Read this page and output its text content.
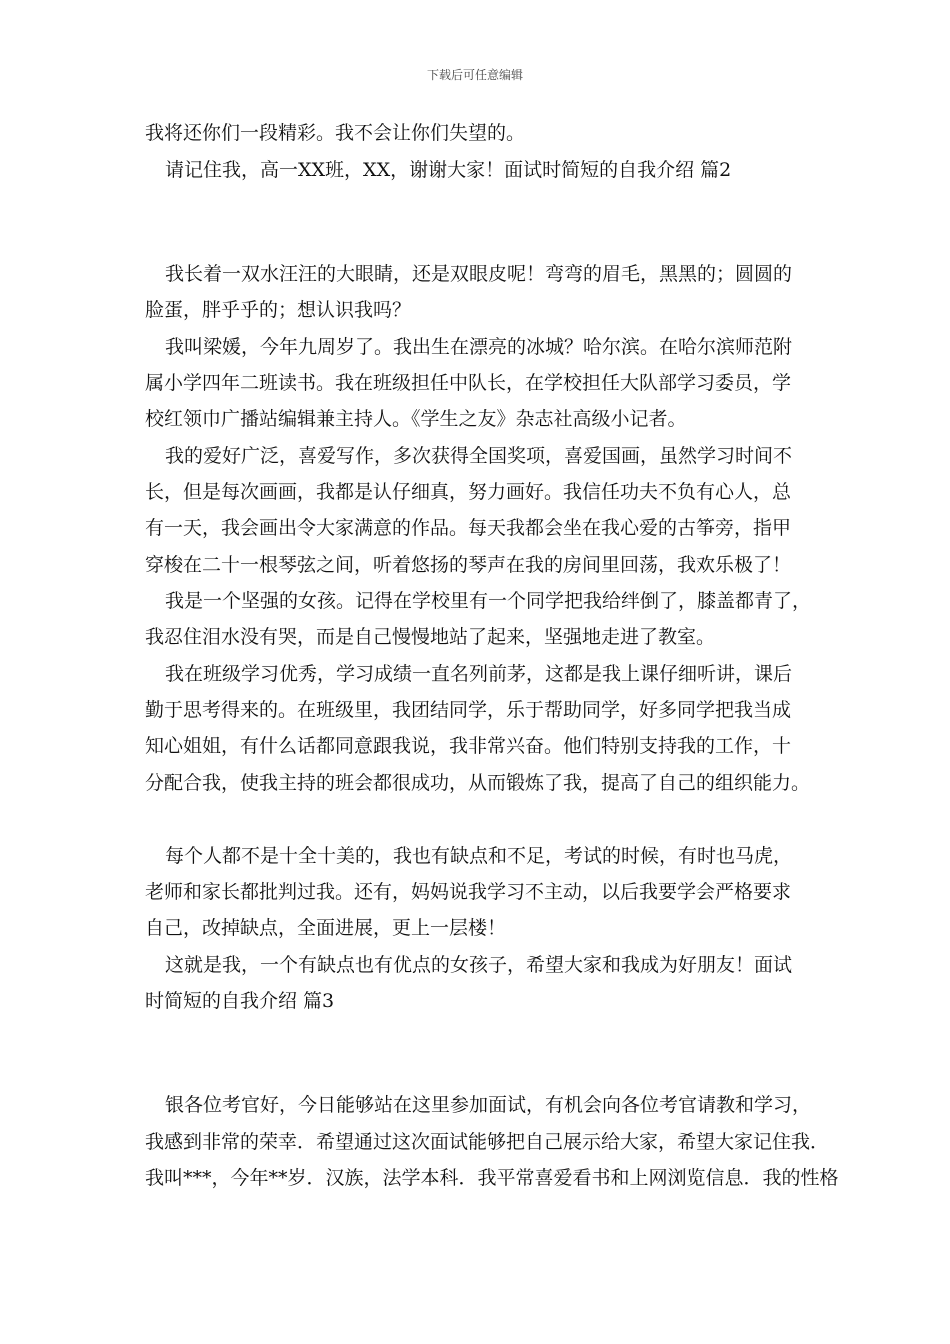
下载后可任意编辑
我将还你们一段精彩。我不会让你们失望的。
请记住我，高一XX班，XX，谢谢大家！面试时简短的自我介绍 篇2
我长着一双水汪汪的大眼睛，还是双眼皮呢！弯弯的眉毛，黑黑的；圆圆的
脸蛋，胖乎乎的；想认识我吗？
我叫梁媛，今年九周岁了。我出生在漂亮的冰城？哈尔滨。在哈尔滨师范附
属小学四年二班读书。我在班级担任中队长，在学校担任大队部学习委员，学
校红领巾广播站编辑兼主持人。《学生之友》杂志社高级小记者。
我的爱好广泛，喜爱写作，多次获得全国奖项，喜爱国画，虽然学习时间不
长，但是每次画画，我都是认仔细真，努力画好。我信任功夫不负有心人，总
有一天，我会画出令大家满意的作品。每天我都会坐在我心爱的古筝旁，指甲
穿梭在二十一根琴弦之间，听着悠扬的琴声在我的房间里回荡，我欢乐极了！
我是一个坚强的女孩。记得在学校里有一个同学把我给绊倒了，膝盖都青了，
我忍住泪水没有哭，而是自己慢慢地站了起来，坚强地走进了教室。
我在班级学习优秀，学习成绩一直名列前茅，这都是我上课仔细听讲，课后
勤于思考得来的。在班级里，我团结同学，乐于帮助同学，好多同学把我当成
知心姐姐，有什么话都同意跟我说，我非常兴奋。他们特别支持我的工作，十
分配合我，使我主持的班会都很成功，从而锻炼了我，提高了自己的组织能力。
每个人都不是十全十美的，我也有缺点和不足，考试的时候，有时也马虎，
老师和家长都批判过我。还有，妈妈说我学习不主动，以后我要学会严格要求
自己，改掉缺点，全面进展，更上一层楼！
这就是我，一个有缺点也有优点的女孩子，希望大家和我成为好朋友！面试
时简短的自我介绍 篇3
银各位考官好，今日能够站在这里参加面试，有机会向各位考官请教和学习，
我感到非常的荣幸．希望通过这次面试能够把自己展示给大家，希望大家记住我．
我叫***，今年**岁．汉族，法学本科．我平常喜爱看书和上网浏览信息．我的性格
